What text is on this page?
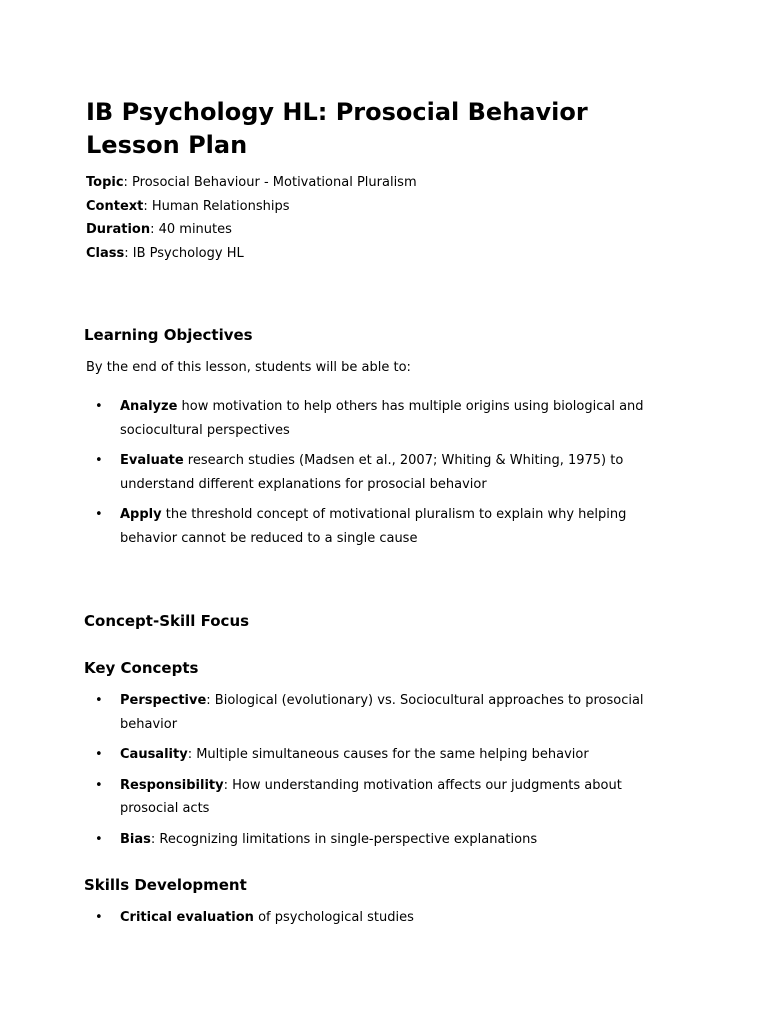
IB Psychology HL: Prosocial Behavior Lesson Plan
Topic: Prosocial Behaviour - Motivational Pluralism
Context: Human Relationships
Duration: 40 minutes
Class: IB Psychology HL
Learning Objectives

By the end of this lesson, students will be able to:

• Analyze how motivation to help others has multiple origins using biological and sociocultural perspectives
• Evaluate research studies (Madsen et al., 2007; Whiting & Whiting, 1975) to understand different explanations for prosocial behavior
• Apply the threshold concept of motivational pluralism to explain why helping behavior cannot be reduced to a single cause
Concept-Skill Focus
Key Concepts
• Perspective: Biological (evolutionary) vs. Sociocultural approaches to prosocial behavior
• Causality: Multiple simultaneous causes for the same helping behavior
• Responsibility: How understanding motivation affects our judgments about prosocial acts
• Bias: Recognizing limitations in single-perspective explanations
Skills Development
• Critical evaluation of psychological studies
